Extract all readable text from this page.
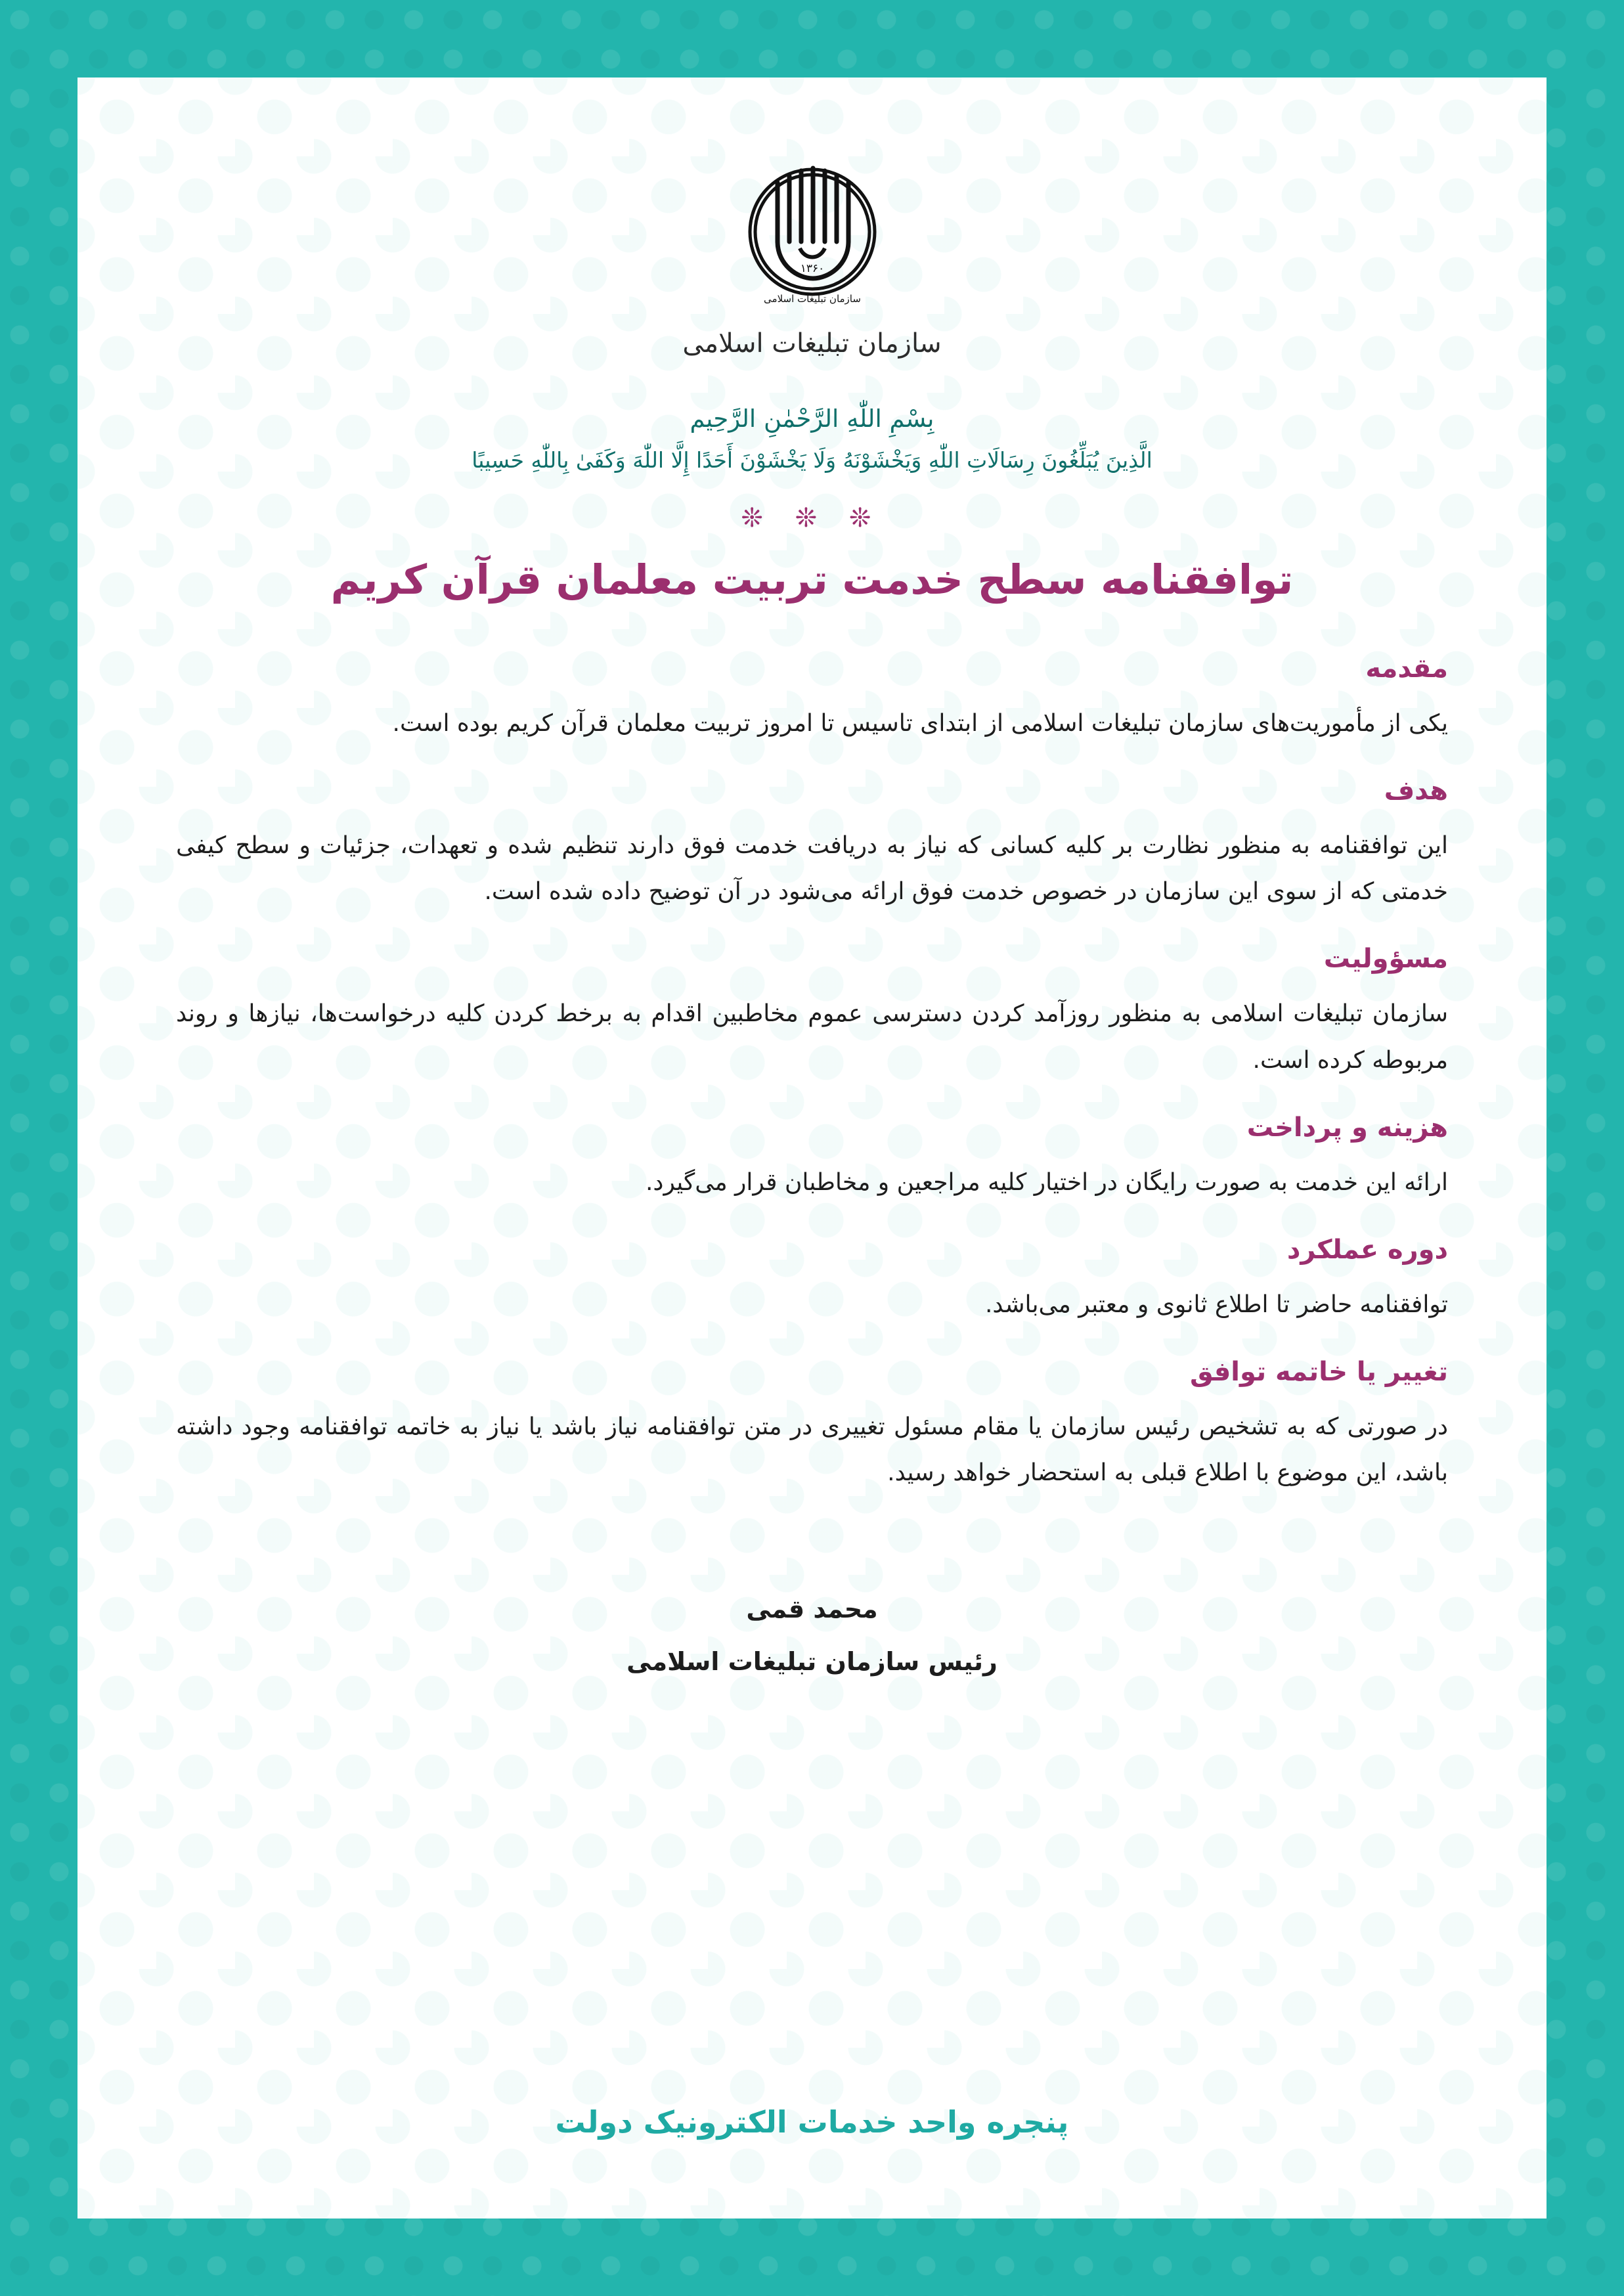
۱۳۶۰
سازمان تبلیغات اسلامی
سازمان تبلیغات اسلامی
بِسْمِ اللّٰهِ الرَّحْمٰنِ الرَّحِیم
الَّذِینَ یُبَلِّغُونَ رِسَالَاتِ اللّٰهِ وَیَخْشَوْنَهُ وَلَا یَخْشَوْنَ أَحَدًا إِلَّا اللّٰهَ وَکَفَىٰ بِاللّٰهِ حَسِیبًا
❊ ❊ ❊
توافقنامه سطح خدمت تربیت معلمان قرآن کریم
مقدمه
یکی از مأموریت‌های سازمان تبلیغات اسلامی از ابتدای تاسیس تا امروز تربیت معلمان قرآن کریم بوده است.
هدف
این توافقنامه به منظور نظارت بر کلیه کسانی که نیاز به دریافت خدمت فوق دارند تنظیم شده و تعهدات، جزئیات و سطح کیفی خدمتی که از سوی این سازمان در خصوص خدمت فوق ارائه می‌شود در آن توضیح داده شده است.
مسؤولیت
سازمان تبلیغات اسلامی به منظور روزآمد کردن دسترسی عموم مخاطبین اقدام به برخط کردن کلیه درخواست‌ها، نیازها و روند مربوطه کرده است.
هزینه و پرداخت
ارائه این خدمت به صورت رایگان در اختیار کلیه مراجعین و مخاطبان قرار می‌گیرد.
دوره عملکرد
توافقنامه حاضر تا اطلاع ثانوی و معتبر می‌باشد.
تغییر یا خاتمه توافق
در صورتی که به تشخیص رئیس سازمان یا مقام مسئول تغییری در متن توافقنامه نیاز باشد یا نیاز به خاتمه توافقنامه وجود داشته باشد، این موضوع با اطلاع قبلی به استحضار خواهد رسید.
محمد قمی
رئیس سازمان تبلیغات اسلامی
پنجره واحد خدمات الکترونیک دولت
